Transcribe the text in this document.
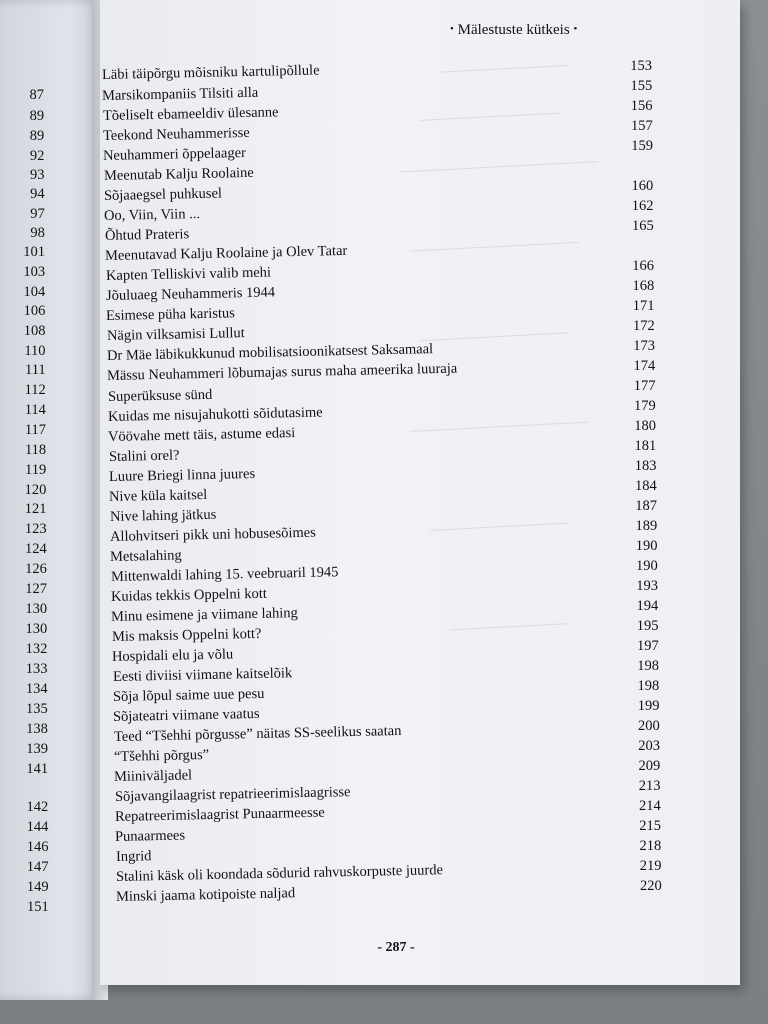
• Mälestuste kütkeis •
87
89
89
92
93
94
97
98
101
103
104
106
108
110
111
112
114
117
118
119
120
121
123
124
126
127
130
130
132
133
134
135
138
139
141
142
144
146
147
149
151
Läbi täipõrgu mõisniku kartulipõllule
Marsikompaniis Tilsiti alla
Tõeliselt ebameeldiv ülesanne
Teekond Neuhammerisse
Neuhammeri õppelaager
Meenutab Kalju Roolaine
Sõjaaegsel puhkusel
Oo, Viin, Viin ...
Õhtud Prateris
Meenutavad Kalju Roolaine ja Olev Tatar
Kapten Telliskivi valib mehi
Jõuluaeg Neuhammeris 1944
Esimese püha karistus
Nägin vilksamisi Lullut
Dr Mäe läbikukkunud mobilisatsioonikatsest Saksamaal
Mässu Neuhammeri lõbumajas surus maha ameerika luuraja
Superüksuse sünd
Kuidas me nisujahukotti sõidutasime
Vöövahe mett täis, astume edasi
Stalini orel?
Luure Briegi linna juures
Nive küla kaitsel
Nive lahing jätkus
Allohvitseri pikk uni hobusesõimes
Metsalahing
Mittenwaldi lahing 15. veebruaril 1945
Kuidas tekkis Oppelni kott
Minu esimene ja viimane lahing
Mis maksis Oppelni kott?
Hospidali elu ja võlu
Eesti diviisi viimane kaitselõik
Sõja lõpul saime uue pesu
Sõjateatri viimane vaatus
Teed “Tšehhi põrgusse” näitas SS-seelikus saatan
“Tšehhi põrgus”
Miiniväljadel
Sõjavangilaagrist repatrieerimislaagrisse
Repatreerimislaagrist Punaarmeesse
Punaarmees
Ingrid
Stalini käsk oli koondada sõdurid rahvuskorpuste juurde
Minski jaama kotipoiste naljad
153
155
156
157
159
160
162
165
166
168
171
172
173
174
177
179
180
181
183
184
187
189
190
190
193
194
195
197
198
198
199
200
203
209
213
214
215
218
219
220
- 287 -
